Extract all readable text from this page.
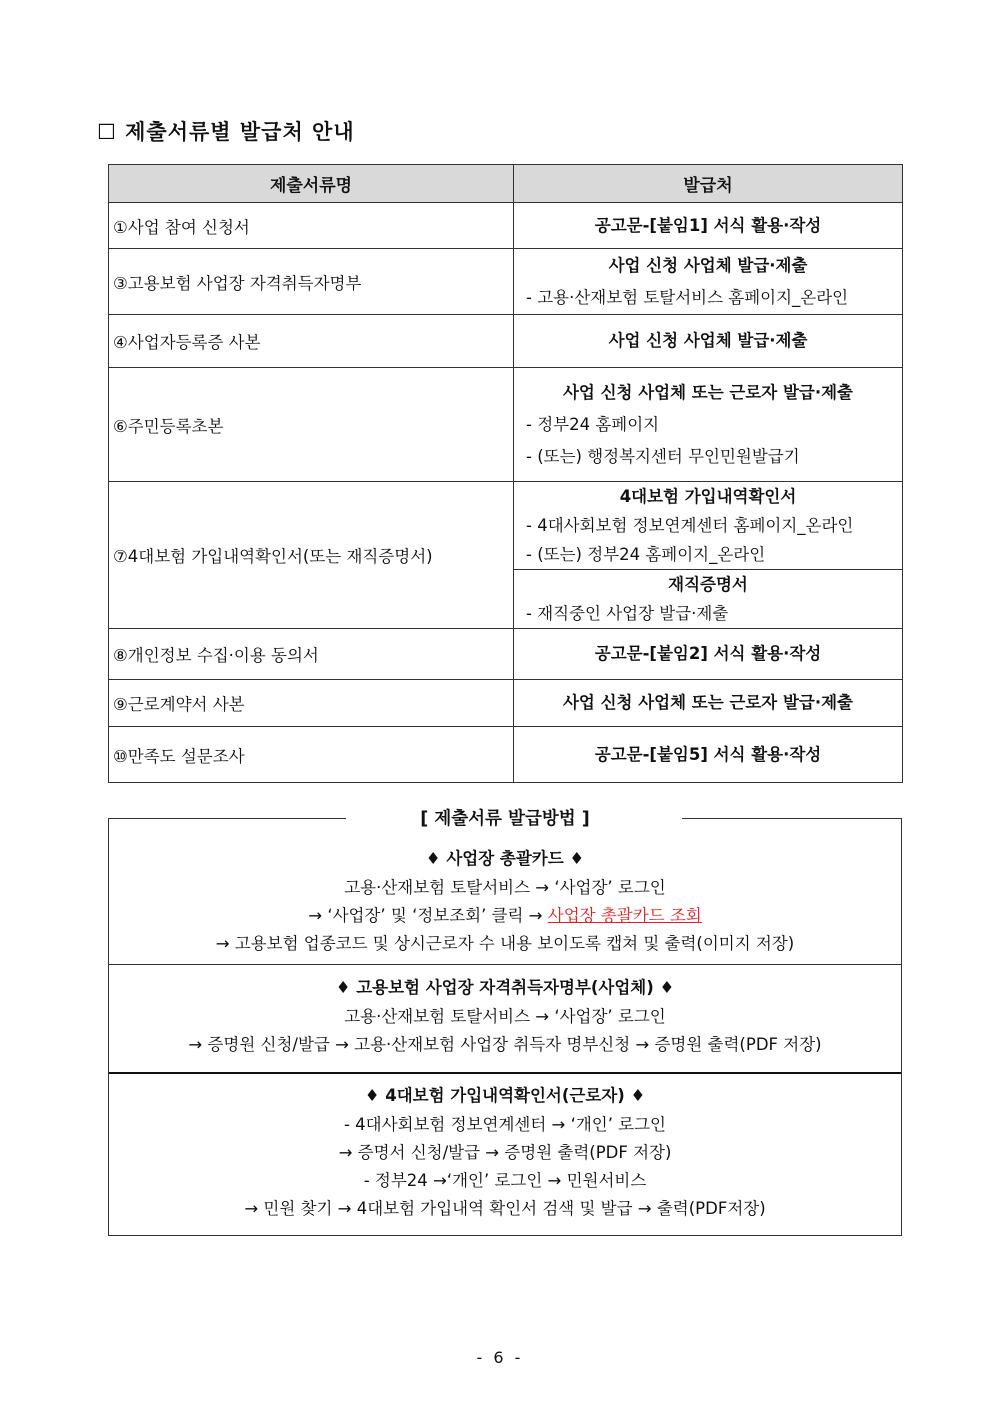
☐ 제출서류별 발급처 안내
제출서류명	발급처
①사업 참여 신청서	공고문-[붙임1] 서식 활용·작성

③고용보험 사업장 자격취득자명부	사업 신청 사업체 발급·제출
- 고용·산재보험 토탈서비스 홈페이지_온라인

④사업자등록증 사본	사업 신청 사업체 발급·제출

⑥주민등록초본	사업 신청 사업체 또는 근로자 발급·제출
- 정부24 홈페이지
- (또는) 행정복지센터 무인민원발급기

⑦4대보험 가입내역확인서(또는 재직증명서)	4대보험 가입내역확인서
- 4대사회보험 정보연계센터 홈페이지_온라인
- (또는) 정부24 홈페이지_온라인
재직증명서
- 재직중인 사업장 발급·제출

⑧개인정보 수집·이용 동의서	공고문-[붙임2] 서식 활용·작성

⑨근로계약서 사본	사업 신청 사업체 또는 근로자 발급·제출

⑩만족도 설문조사	공고문-[붙임5] 서식 활용·작성
[ 제출서류 발급방법 ]
♦ 사업장 총괄카드 ♦
고용·산재보험 토탈서비스 → ‘사업장’ 로그인
→ ‘사업장’ 및 ‘정보조회’ 클릭 → 사업장 총괄카드 조회
→ 고용보험 업종코드 및 상시근로자 수 내용 보이도록 캡쳐 및 출력(이미지 저장)
♦ 고용보험 사업장 자격취득자명부(사업체) ♦
고용·산재보험 토탈서비스 → ‘사업장’ 로그인
→ 증명원 신청/발급 → 고용·산재보험 사업장 취득자 명부신청 → 증명원 출력(PDF 저장)
♦ 4대보험 가입내역확인서(근로자) ♦
- 4대사회보험 정보연계센터 → ‘개인’ 로그인
→ 증명서 신청/발급 → 증명원 출력(PDF 저장)
- 정부24 →‘개인’ 로그인 → 민원서비스
→ 민원 찾기 → 4대보험 가입내역 확인서 검색 및 발급 → 출력(PDF저장)
- 6 -
